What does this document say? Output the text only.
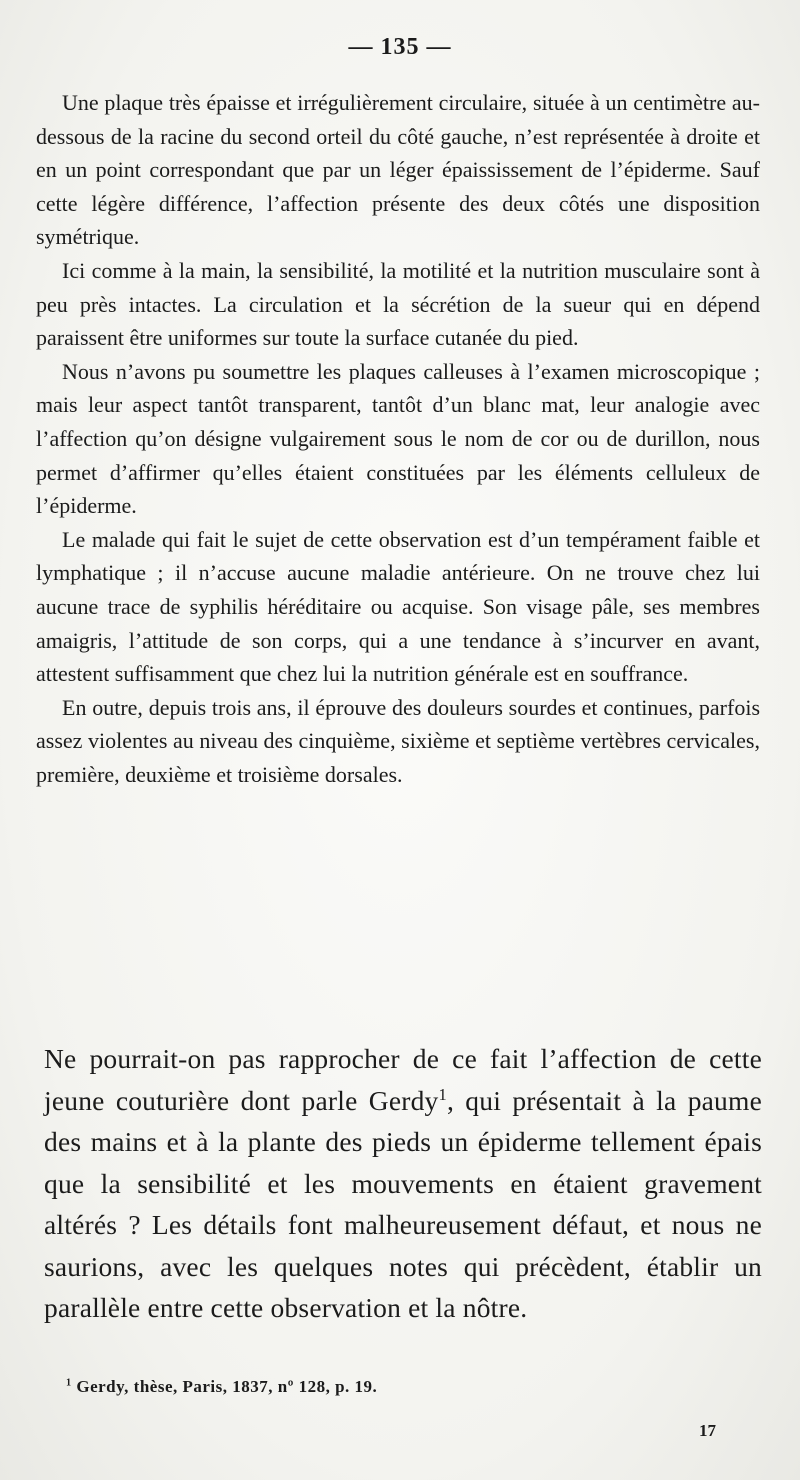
— 135 —

Une plaque très épaisse et irrégulièrement circulaire, située à un centimètre au-dessous de la racine du second orteil du côté gauche, n’est représentée à droite et en un point correspondant que par un léger épaississement de l’épiderme. Sauf cette légère différence, l’affection présente des deux côtés une disposition symétrique.

Ici comme à la main, la sensibilité, la motilité et la nutrition musculaire sont à peu près intactes. La circulation et la sécrétion de la sueur qui en dépend paraissent être uniformes sur toute la surface cutanée du pied.

Nous n’avons pu soumettre les plaques calleuses à l’examen microscopique ; mais leur aspect tantôt transparent, tantôt d’un blanc mat, leur analogie avec l’affection qu’on désigne vulgairement sous le nom de cor ou de durillon, nous permet d’affirmer qu’elles étaient constituées par les éléments celluleux de l’épiderme.

Le malade qui fait le sujet de cette observation est d’un tempérament faible et lymphatique ; il n’accuse aucune maladie antérieure. On ne trouve chez lui aucune trace de syphilis héréditaire ou acquise. Son visage pâle, ses membres amaigris, l’attitude de son corps, qui a une tendance à s’incurver en avant, attestent suffisamment que chez lui la nutrition générale est en souffrance.

En outre, depuis trois ans, il éprouve des douleurs sourdes et continues, parfois assez violentes au niveau des cinquième, sixième et septième vertèbres cervicales, première, deuxième et troisième dorsales.

Ne pourrait-on pas rapprocher de ce fait l’affection de cette jeune couturière dont parle Gerdy$^1$, qui présentait à la paume des mains et à la plante des pieds un épiderme tellement épais que la sensibilité et les mouvements en étaient gravement altérés ? Les détails font malheureusement défaut, et nous ne saurions, avec les quelques notes qui précèdent, établir un parallèle entre cette observation et la nôtre.

$^1$ Gerdy, thèse, Paris, 1837, nº 128, p. 19.
17
